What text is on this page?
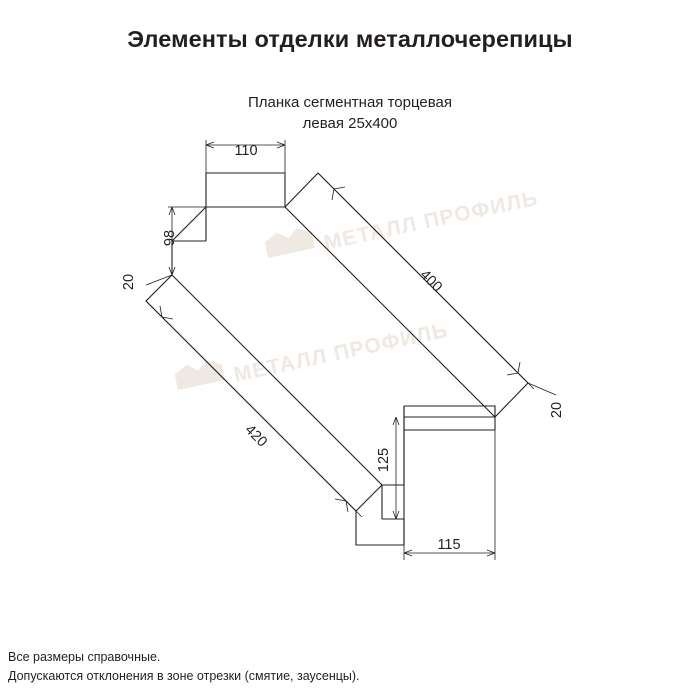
Элементы отделки металлочерепицы
Планка сегментная торцевая
левая 25х400
МЕТАЛЛ ПРОФИЛЬ
МЕТАЛЛ ПРОФИЛЬ
110
98
20	400
20
420
125
115
Все размеры справочные.
Допускаются отклонения в зоне отрезки (смятие, заусенцы).
